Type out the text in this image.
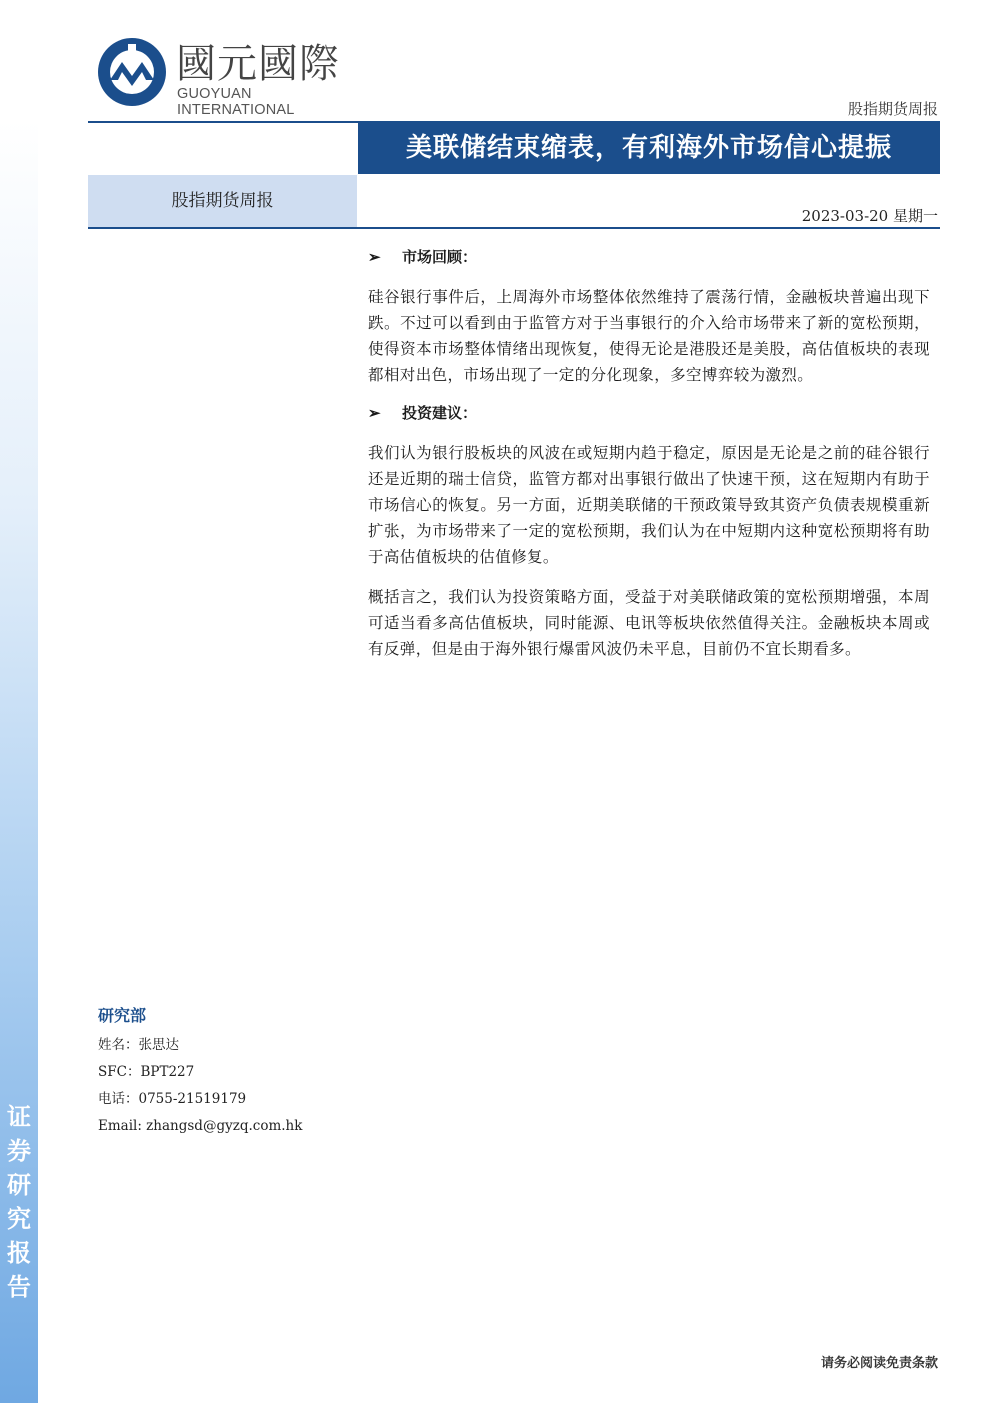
证
券
研
究
报
告
國元國際
GUOYUAN INTERNATIONAL	股指期货周报
美联储结束缩表，有利海外市场信心提振
股指期货周报
2023-03-20 星期一
➢ 市场回顾：

硅谷银行事件后，上周海外市场整体依然维持了震荡行情，金融板块普遍出现下跌。不过可以看到由于监管方对于当事银行的介入给市场带来了新的宽松预期，使得资本市场整体情绪出现恢复，使得无论是港股还是美股，高估值板块的表现都相对出色，市场出现了一定的分化现象，多空博弈较为激烈。

➢ 投资建议：

我们认为银行股板块的风波在或短期内趋于稳定，原因是无论是之前的硅谷银行还是近期的瑞士信贷，监管方都对出事银行做出了快速干预，这在短期内有助于市场信心的恢复。另一方面，近期美联储的干预政策导致其资产负债表规模重新扩张，为市场带来了一定的宽松预期，我们认为在中短期内这种宽松预期将有助于高估值板块的估值修复。

概括言之，我们认为投资策略方面，受益于对美联储政策的宽松预期增强，本周可适当看多高估值板块，同时能源、电讯等板块依然值得关注。金融板块本周或有反弹，但是由于海外银行爆雷风波仍未平息，目前仍不宜长期看多。

研究部
姓名：张思达
SFC：BPT227
电话：0755-21519179
Email: zhangsd@gyzq.com.hk
请务必阅读免责条款
